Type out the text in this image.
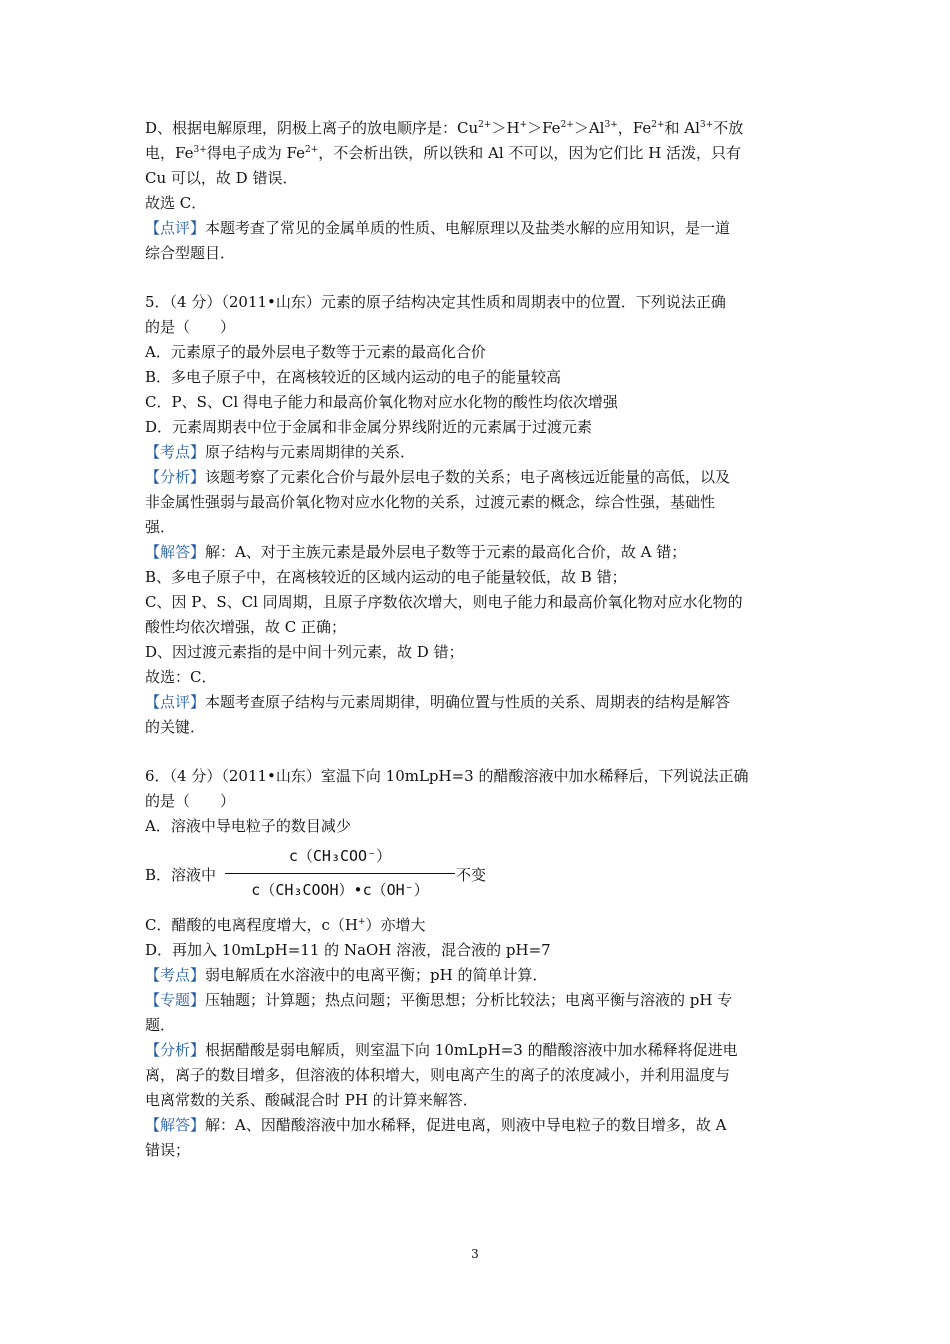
D、根据电解原理，阴极上离子的放电顺序是：$Cu^{2+}>H^+>Fe^{2+}>Al^{3+}$，$Fe^{2+}$和 $Al^{3+}$不放
电，$Fe^{3+}$得电子成为 $Fe^{2+}$，不会析出铁，所以铁和 Al 不可以，因为它们比 H 活泼，只有
Cu 可以，故 D 错误．
故选 C．
【点评】本题考查了常见的金属单质的性质、电解原理以及盐类水解的应用知识，是一道
综合型题目．
5．（4 分）（2011•山东）元素的原子结构决定其性质和周期表中的位置．下列说法正确
的是（　　）
A．元素原子的最外层电子数等于元素的最高化合价
B．多电子原子中，在离核较近的区域内运动的电子的能量较高
C．P、S、Cl 得电子能力和最高价氧化物对应水化物的酸性均依次增强
D．元素周期表中位于金属和非金属分界线附近的元素属于过渡元素
【考点】原子结构与元素周期律的关系．
【分析】该题考察了元素化合价与最外层电子数的关系；电子离核远近能量的高低，以及
非金属性强弱与最高价氧化物对应水化物的关系，过渡元素的概念，综合性强，基础性
强．
【解答】解：A、对于主族元素是最外层电子数等于元素的最高化合价，故 A 错；
B、多电子原子中，在离核较近的区域内运动的电子能量较低，故 B 错；
C、因 P、S、Cl 同周期，且原子序数依次增大，则电子能力和最高价氧化物对应水化物的
酸性均依次增强，故 C 正确；
D、因过渡元素指的是中间十列元素，故 D 错；
故选：C．
【点评】本题考查原子结构与元素周期律，明确位置与性质的关系、周期表的结构是解答
的关键．
6．（4 分）（2011•山东）室温下向 10mLpH=3 的醋酸溶液中加水稀释后，下列说法正确
的是（　　）
A．溶液中导电粒子的数目减少
B．溶液中
c（CH₃COO⁻）
c（CH₃COOH）•c（OH⁻）
不变
C．醋酸的电离程度增大，c（H+）亦增大
D．再加入 10mLpH=11 的 NaOH 溶液，混合液的 pH=7
【考点】弱电解质在水溶液中的电离平衡；pH 的简单计算．
【专题】压轴题；计算题；热点问题；平衡思想；分析比较法；电离平衡与溶液的 pH 专
题．
【分析】根据醋酸是弱电解质，则室温下向 10mLpH=3 的醋酸溶液中加水稀释将促进电
离，离子的数目增多，但溶液的体积增大，则电离产生的离子的浓度减小，并利用温度与
电离常数的关系、酸碱混合时 PH 的计算来解答．
【解答】解：A、因醋酸溶液中加水稀释，促进电离，则液中导电粒子的数目增多，故 A
错误；
3
